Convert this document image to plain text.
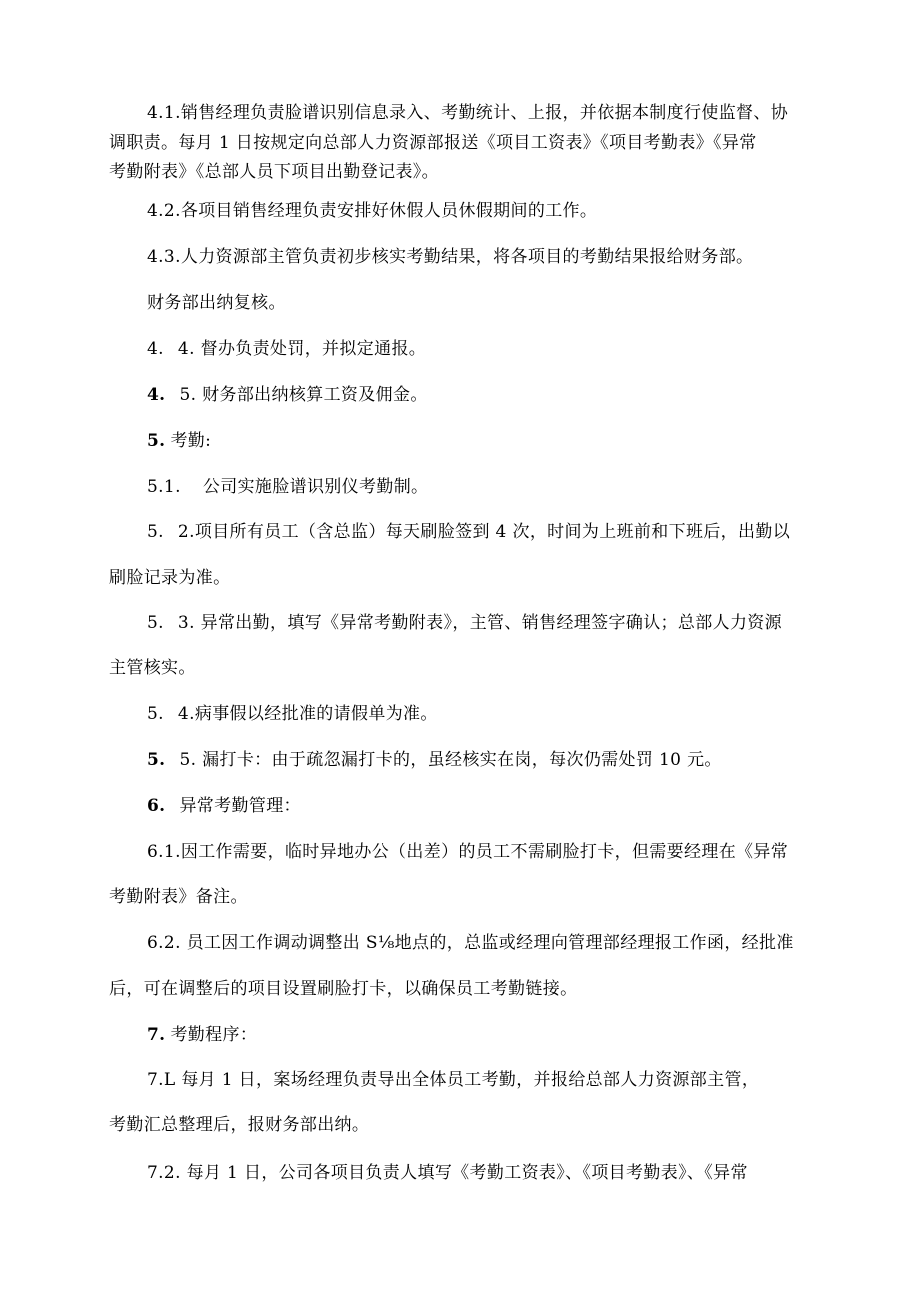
4.1.销售经理负责脸谱识别信息录入、考勤统计、上报，并依据本制度行使监督、协
调职责。每月 1 日按规定向总部人力资源部报送《项目工资表》《项目考勤表》《异常
考勤附表》《总部人员下项目出勤登记表》。
4.2.各项目销售经理负责安排好休假人员休假期间的工作。
4.3.人力资源部主管负责初步核实考勤结果，将各项目的考勤结果报给财务部。
财务部出纳复核。
4. 4. 督办负责处罚，并拟定通报。
4. 5. 财务部出纳核算工资及佣金。
5. 考勤:
5.1. 公司实施脸谱识别仪考勤制。
5. 2.项目所有员工（含总监）每天刷脸签到 4 次，时间为上班前和下班后，出勤以
刷脸记录为准。
5. 3. 异常出勤，填写《异常考勤附表》，主管、销售经理签字确认；总部人力资源
主管核实。
5. 4.病事假以经批准的请假单为准。
5. 5. 漏打卡：由于疏忽漏打卡的，虽经核实在岗，每次仍需处罚 10 元。
6. 异常考勤管理：
6.1.因工作需要，临时异地办公（出差）的员工不需刷脸打卡，但需要经理在《异常
考勤附表》备注。
6.2. 员工因工作调动调整出 S⅛地点的，总监或经理向管理部经理报工作函，经批准
后，可在调整后的项目设置刷脸打卡，以确保员工考勤链接。
7. 考勤程序：
7.L 每月 1 日，案场经理负责导出全体员工考勤，并报给总部人力资源部主管，
考勤汇总整理后，报财务部出纳。
7.2. 每月 1 日，公司各项目负责人填写《考勤工资表》、《项目考勤表》、《异常
